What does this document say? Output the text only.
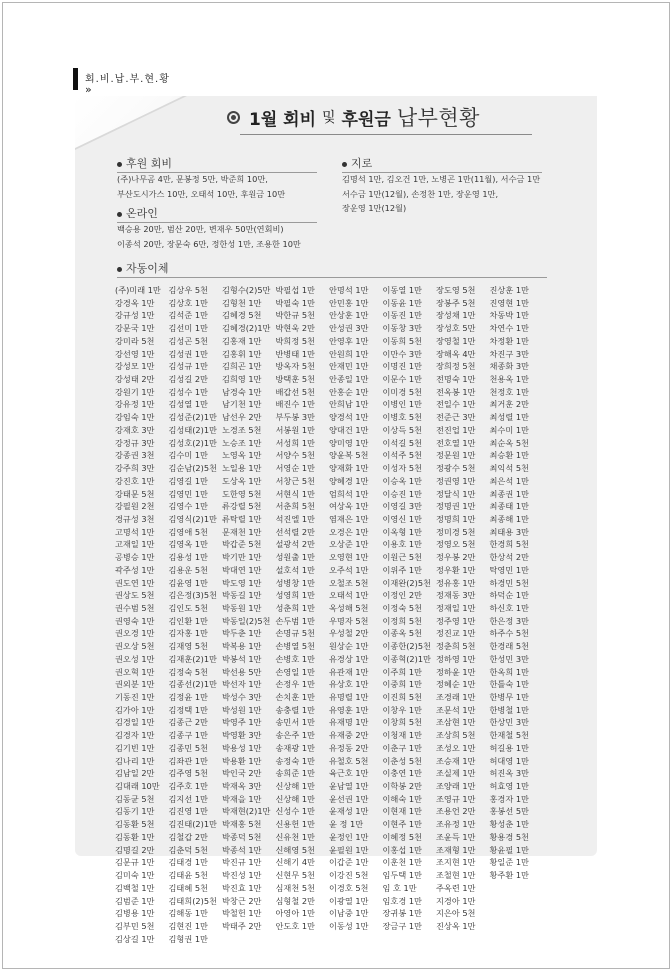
회.비.납.부.현.황
»
1월 회비 및 후원금 납부현황
후원 회비
(주)나무곰 4만, 문봉정 5만, 박준희 10만,
부산도시가스 10만, 오태석 10만, 후원금 10만
온라인
백승용 20만, 범산 20만, 변재우 50만(연회비)
이종석 20만, 장문숙 6만, 정한성 1만, 조용한 10만
지로
김명석 1만, 김오건 1만, 노병곤 1만(11월), 서수금 1만
서수금 1만(12월), 손정찬 1만, 장운영 1만,
장운영 1만(12월)
자동이체
(주)미래 1만
강경옥 1만
강규성 1만
강문국 1만
강미라 5천
강선영 1만
강성모 1만
강성태 2만
강원기 1만
강유정 1만
강임숙 1만
강재호 3만
강정규 3만
강종권 3천
강주희 3만
강진호 1만
강태문 5천
강필원 2천
경규성 3천
고명석 1만
고재일 1만
공병승 1만
곽주성 1만
권도연 1만
권상도 5천
권수범 5천
권영숙 1만
권오경 1만
권오상 5천
권오성 1만
권오혁 1만
권외분 1만
기동진 1만
김가아 1만
김경일 1만
김경자 1만
김기빈 1만
김나리 1만
김남일 2만
김대래 10만
김동균 5천
김동기 1만
김동환 5천
김동환 1만
김명길 2만
김문규 1만
김미숙 1만
김백철 1만
김범준 1만
김병용 1만
김부민 5천
김상길 1만
김상우 5천
김상호 1만
김석준 1만
김선미 1만
김성곤 5천
김성권 1만
김성규 1만
김성길 2만
김성수 1만
김성열 1만
김성준(2)1만
김성태(2)1만
김성호(2)1만
김수미 1만
김순남(2)5천
김영길 1만
김영민 1만
김영수 1만
김영식(2)1만
김영애 5천
김영옥 1만
김용성 1만
김용운 5천
김윤영 1만
김은정(3)5천
김인도 5천
김인환 1만
김자홍 1만
김재영 5천
김재훈(2)1만
김정숙 5천
김종선(2)1만
김정윤 1만
김정택 1만
김종근 2만
김종구 1만
김종민 5천
김좌관 1만
김주영 5천
김주호 1만
김지선 1만
김진영 1만
김진태(2)1만
김철갑 2만
김춘덕 5천
김태경 1만
김태윤 5천
김태혜 5천
김태희(2)5천
김해동 1만
김현진 1만
김형권 1만
김형수(2)5만
김형천 1만
김혜경 5천
김혜경(2)1만
김홍재 1만
김홍휘 1만
김희곤 1만
김희영 1만
남경숙 1만
남기천 1만
남선우 2만
노경조 5천
노승조 1만
노영옥 1만
노일용 1만
도상옥 1만
도한영 5천
류강렬 5천
류탁렬 1만
문재천 1만
박갑준 5천
박기만 1만
박대연 1만
박도영 1만
박동길 1만
박동원 1만
박동일(2)5천
박두춘 1만
박복용 1만
박봉석 1만
박선용 5만
박선자 1만
박성수 3만
박성원 1만
박영주 1만
박영환 3만
박용성 1만
박용환 1만
박인국 2만
박재옥 3만
박재을 1만
박재현(2)1만
박재홍 5천
박종덕 5천
박종석 1만
박진규 1만
박진성 1만
박진효 1만
박창근 2만
박철헌 1만
박태주 2만
박필섭 1만
박필숙 1만
박한규 5천
박현욱 2만
박희정 5천
반병태 1만
방옥자 5천
방택훈 5천
배갑선 5천
배진수 1만
부두봉 3만
서봉원 1만
서성희 1만
서양수 5천
서영순 1만
서창근 5천
서현식 1만
서춘희 5천
석진엘 1만
선석렬 2만
설광석 2만
성원출 1만
설호석 1만
성병창 1만
성영희 1만
성춘희 1만
손두범 1만
손명규 5천
손병열 5천
손병호 1만
손영일 1만
손정우 1만
손치훈 1만
송충렬 1만
송민서 1만
송은주 1만
송재광 1만
송정숙 1만
송희준 1만
신상해 1만
신상해 1만
신성수 1만
신용헌 1만
신유천 1만
신해영 5천
신해기 4만
신현무 5천
심재천 5천
심형철 2만
아영아 1만
안도호 1만
안명석 1만
안민홍 1만
안상훈 1만
안성권 3만
안영후 1만
안원희 1만
안재민 1만
안종일 1만
안홍순 1만
안희남 1만
양경석 1만
양대건 1만
양미영 1만
양윤복 5천
양재화 1만
양혜경 1만
엄희석 1만
여상욱 1만
염재은 1만
오경은 1만
오상준 1만
오영현 1만
오주석 1만
오철조 5천
오태석 1만
옥성해 5천
우명자 5천
우성철 2만
원상순 1만
유경상 1만
유관재 1만
유상호 1만
유명렬 1만
유영훈 1만
유재명 1만
유재중 2만
유정동 2만
유철호 5천
육근호 1만
윤남열 1만
윤선권 1만
윤재성 1만
윤 정 1만
윤정인 1만
윤필원 1만
이갑준 1만
이강진 5천
이경호 5천
이광열 1만
이남중 1만
이동성 1만
이동열 1만
이동윤 1만
이동진 1만
이동창 3만
이동희 5천
이만수 3만
이명진 1만
이문수 1만
이미경 5천
이병인 1만
이병호 5천
이상득 5천
이석길 5천
이석주 5천
이성자 5천
이승옥 1만
이승진 1만
이영길 3만
이영신 1만
이옥형 1만
이용호 1만
이원근 5천
이위주 1만
이재완(2)5천
이정인 2만
이정숙 5천
이정희 5천
이종옥 5천
이종한(2)5천
이종혁(2)1만
이주희 1만
이중희 1만
이진희 5천
이창우 1만
이창희 5천
이청재 1만
이춘구 1만
이춘성 5천
이충연 1만
이학봉 2만
이해숙 1만
이현재 1만
이현주 1만
이혜정 5천
이홍섭 1만
이훈천 1만
임두택 1만
임 호 1만
임호경 1만
장귀봉 1만
장금구 1만
장도영 5천
장봉주 5천
장성채 1만
장성호 5만
장영철 1만
장해옥 4만
장희정 5천
전명숙 1만
전옥봉 1만
전일수 1만
전준근 3만
전진업 1만
전호열 1만
정문원 1만
정광수 5천
정권영 1만
정달식 1만
정명권 1만
정명희 1만
정미경 5천
정영오 5천
정우봉 2만
정우환 1만
정유홍 1만
정재동 3만
정재일 1만
정주영 1만
정진교 1만
정춘희 5천
정하영 1만
정하윤 1만
정혜순 1만
조경래 1만
조문석 1만
조삼현 1만
조상희 5천
조성오 1만
조승재 1만
조실제 1만
조양래 1만
조영규 1만
조용언 2만
조유정 1만
조윤득 1만
조재형 1만
조지현 1만
조철현 1만
주옥련 1만
지경아 1만
지은아 5천
진상옥 1만
진상훈 1만
진영현 1만
차동박 1만
차연수 1만
차정환 1만
차진구 3만
채종화 3만
천용옥 1만
천정호 1만
최거훈 2만
최성렬 1만
최수미 1만
최순옥 5천
최승환 1만
최익석 5천
최은석 1만
최종권 1만
최종태 1만
최종해 1만
최태용 3만
한경희 5천
한상석 2만
탁영민 1만
하경민 5천
하덕순 1만
하신호 1만
한은정 3만
하주수 5천
한경래 5천
한성민 3만
한옥희 1만
한틀숙 1만
한병무 1만
한병철 1만
한상민 3만
한재철 5천
허길용 1만
허대영 1만
허진옥 3만
허효영 1만
홍경자 1만
홍봉선 5만
황성춘 1만
황용경 5천
황윤필 1만
황일준 1만
황주환 1만
